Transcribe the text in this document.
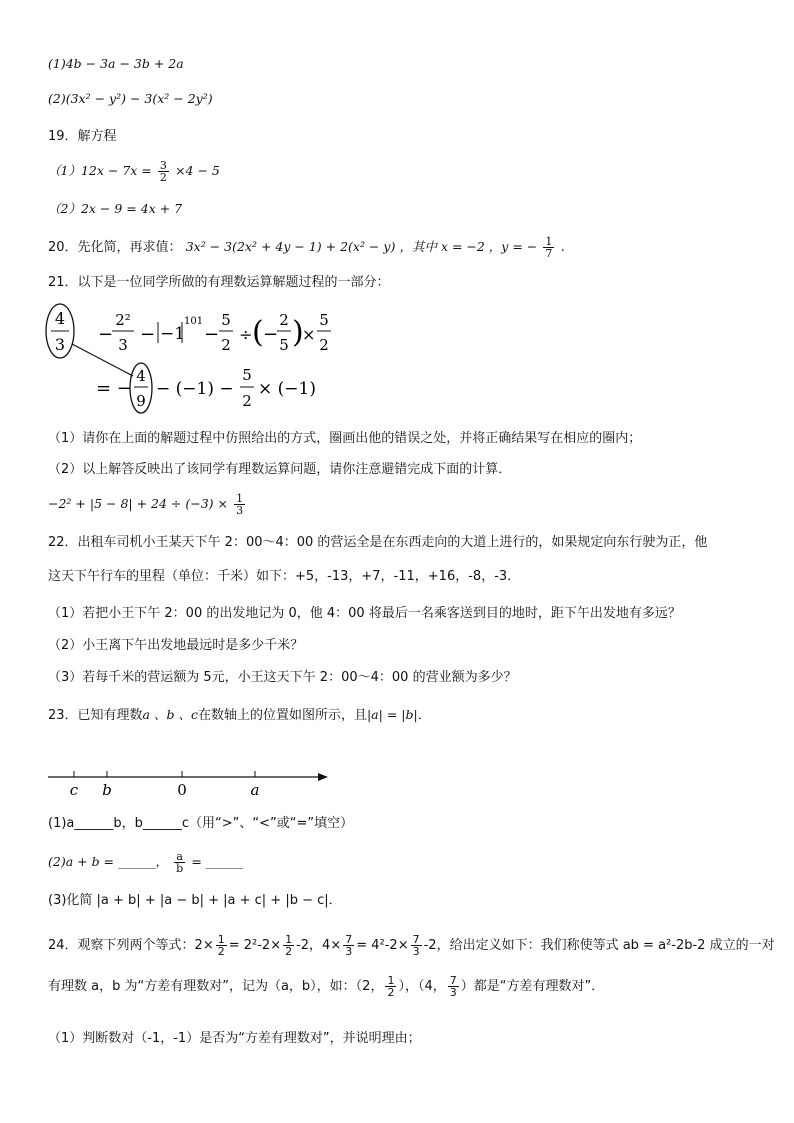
(1)4b − 3a − 3b + 2a
(2)(3x² − y²) − 3(x² − 2y²)
19．解方程
$(1)12x - 7x = \frac{3}{2} \times 4 - 5$
（2）2x − 9 = 4x + 7
20．先化简，再求值： 3x² − 3(2x² + 4y − 1) + 2(x² − y) ，其中 x = −2 ，y = − $\frac{1}{7}$ .
21．以下是一位同学所做的有理数运算解题过程的一部分：
4
3 −
2²
3 − −1
101
−
5
2
÷ ( −
2
5 )
×
5
2
= −
4
9
− (−1) −
5
2
× (−1)
（1）请你在上面的解题过程中仿照给出的方式，圈画出他的错误之处，并将正确结果写在相应的圈内；
（2）以上解答反映出了该同学有理数运算问题，请你注意避错完成下面的计算．
$-2^2 + |5 - 8| + 24 \div (-3) \times \frac{1}{3}$
22．出租车司机小王某天下午 2：00～4：00 的营运全是在东西走向的大道上进行的，如果规定向东行驶为正，他
这天下午行车的里程（单位：千米）如下：+5，-13，+7，-11，+16，-8，-3．
（1）若把小王下午 2：00 的出发地记为 0，他 4：00 将最后一名乘客送到目的地时，距下午出发地有多远？
（2）小王离下午出发地最远时是多少千米？
（3）若每千米的营运额为 5元，小王这天下午 2：00～4：00 的营业额为多少？
23．已知有理数a 、b 、c在数轴上的位置如图所示，且|a| = |b|．
c b	0	a
(1)a______b，b______c（用“>”、“<”或“=”填空）
(2)a + b = ______， $\frac{a}{b}$ = ______
(3)化简 |a + b| + |a − b| + |a + c| + |b − c|．
24．观察下列两个等式：$2\times \frac{1}{2} = 2^2-2\times \frac{1}{2} -2$，$4\times \frac{7}{3} = 4^2-2\times \frac{7}{3} -2$，给出定义如下：我们称使等式 ab = a²-2b-2 成立的一对
有理数 a，b 为“方差有理数对”，记为（a，b），如：（2， $\frac{1}{2}$ ），（4， $\frac{7}{3}$ ）都是“方差有理数对”．
（1）判断数对（-1，-1）是否为“方差有理数对”，并说明理由；
